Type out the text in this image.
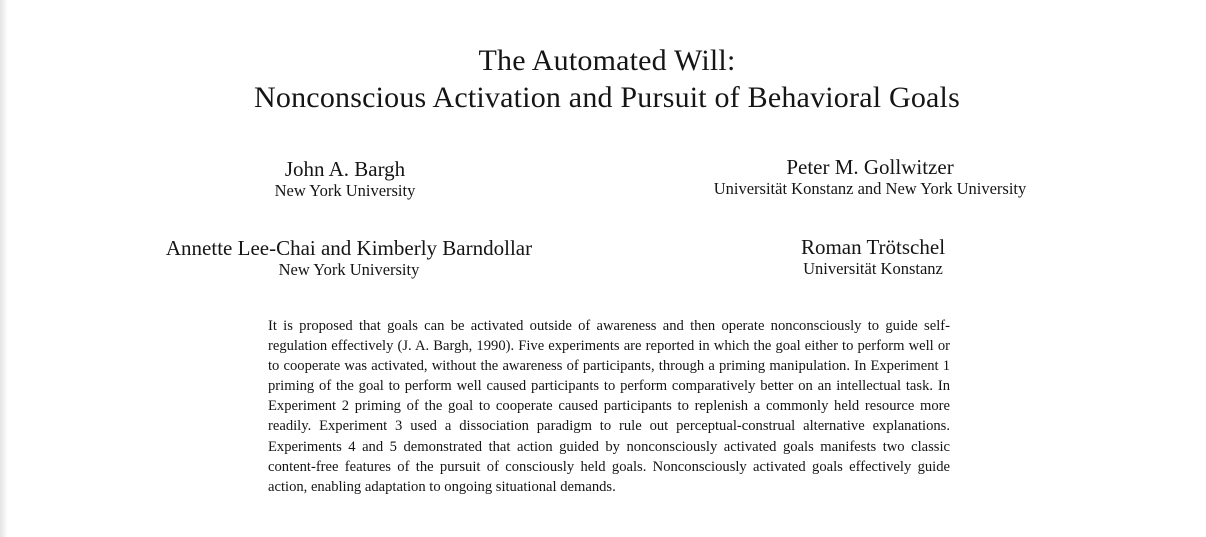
The Automated Will:
Nonconscious Activation and Pursuit of Behavioral Goals
John A. Bargh
New York University
Peter M. Gollwitzer
Universität Konstanz and New York University
Annette Lee-Chai and Kimberly Barndollar
New York University
Roman Trötschel
Universität Konstanz

It is proposed that goals can be activated outside of awareness and then operate nonconsciously to guide self-regulation effectively (J. A. Bargh, 1990). Five experiments are reported in which the goal either to perform well or to cooperate was activated, without the awareness of participants, through a priming manipulation. In Experiment 1 priming of the goal to perform well caused participants to perform comparatively better on an intellectual task. In Experiment 2 priming of the goal to cooperate caused participants to replenish a commonly held resource more readily. Experiment 3 used a dissociation paradigm to rule out perceptual-construal alternative explanations. Experiments 4 and 5 demonstrated that action guided by nonconsciously activated goals manifests two classic content-free features of the pursuit of consciously held goals. Nonconsciously activated goals effectively guide action, enabling adaptation to ongoing situational demands.
